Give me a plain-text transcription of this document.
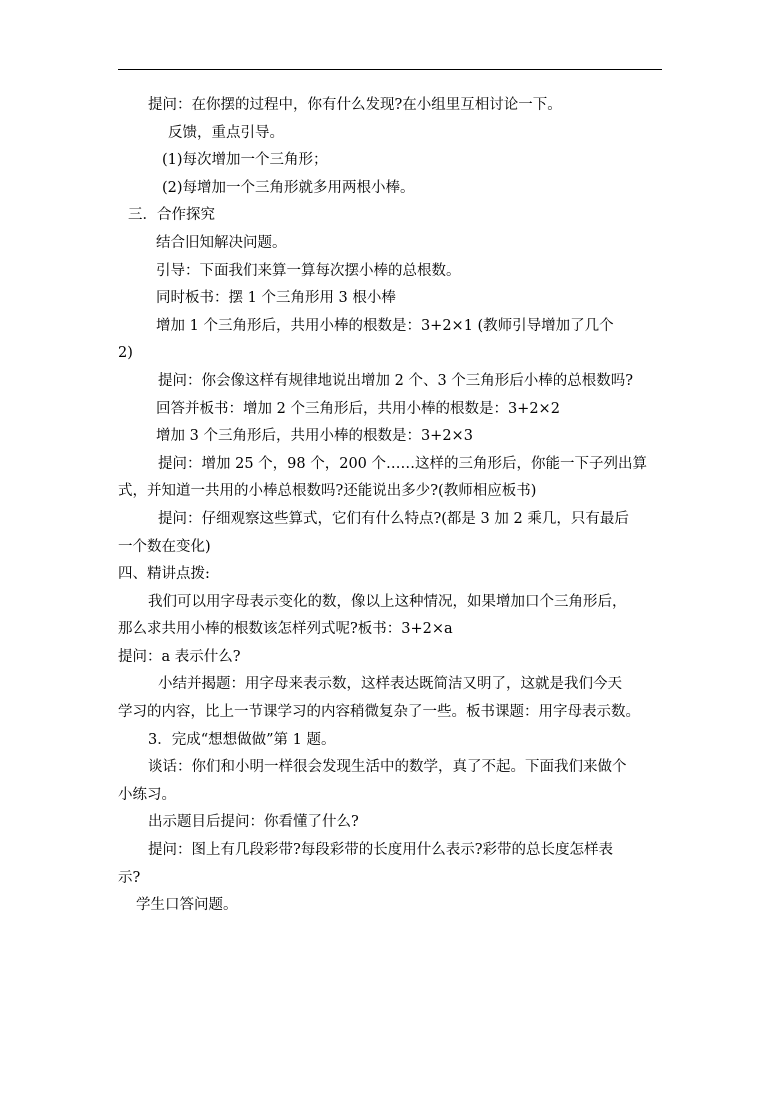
提问：在你摆的过程中，你有什么发现?在小组里互相讨论一下。
反馈，重点引导。
(1)每次增加一个三角形；
(2)每增加一个三角形就多用两根小棒。
三．合作探究
结合旧知解决问题。
引导：下面我们来算一算每次摆小棒的总根数。
同时板书：摆 1 个三角形用 3 根小棒
增加 1 个三角形后，共用小棒的根数是：3+2×1 (教师引导增加了几个
2)
提问：你会像这样有规律地说出增加 2 个、3 个三角形后小棒的总根数吗?
回答并板书：增加 2 个三角形后，共用小棒的根数是：3+2×2
增加 3 个三角形后，共用小棒的根数是：3+2×3
提问：增加 25 个，98 个，200 个……这样的三角形后，你能一下子列出算
式，并知道一共用的小棒总根数吗?还能说出多少?(教师相应板书)
提问：仔细观察这些算式，它们有什么特点?(都是 3 加 2 乘几，只有最后
一个数在变化)
四、精讲点拨:
我们可以用字母表示变化的数，像以上这种情况，如果增加口个三角形后，
那么求共用小棒的根数该怎样列式呢?板书：3+2×a
提问：a 表示什么?
小结并揭题：用字母来表示数，这样表达既简洁又明了，这就是我们今天
学习的内容，比上一节课学习的内容稍微复杂了一些。板书课题：用字母表示数。
3．完成“想想做做”第 1 题。
谈话：你们和小明一样很会发现生活中的数学，真了不起。下面我们来做个
小练习。
出示题目后提问：你看懂了什么?
提问：图上有几段彩带?每段彩带的长度用什么表示?彩带的总长度怎样表
示?
学生口答问题。
